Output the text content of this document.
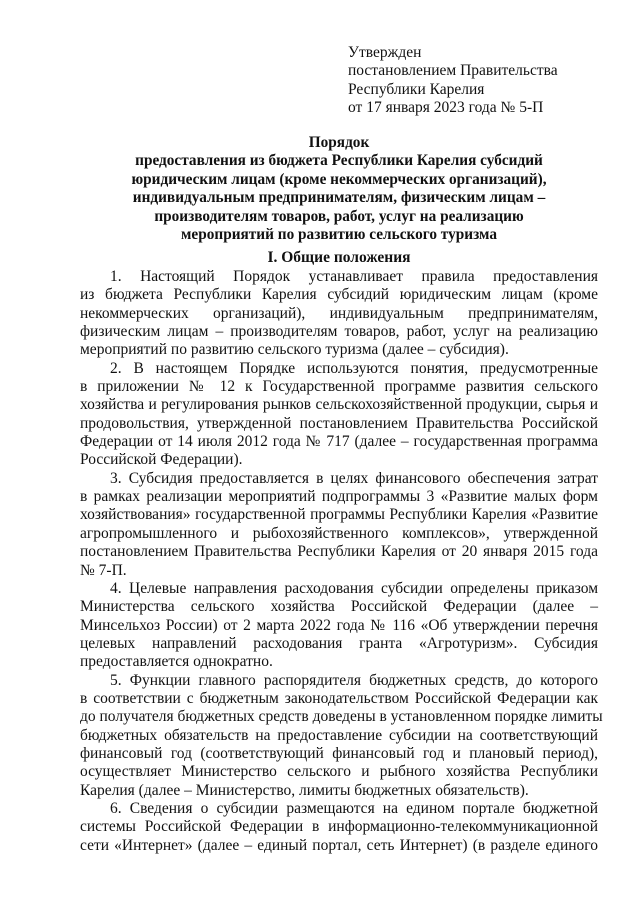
Утвержден
постановлением Правительства
Республики Карелия
от 17 января 2023 года № 5-П
Порядок
предоставления из бюджета Республики Карелия субсидий
юридическим лицам (кроме некоммерческих организаций),
индивидуальным предпринимателям, физическим лицам –
производителям товаров, работ, услуг на реализацию
мероприятий по развитию сельского туризма
I. Общие положения
1. Настоящий Порядок устанавливает правила предоставления
из бюджета Республики Карелия субсидий юридическим лицам (кроме
некоммерческих организаций), индивидуальным предпринимателям,
физическим лицам – производителям товаров, работ, услуг на реализацию
мероприятий по развитию сельского туризма (далее – субсидия).
2. В настоящем Порядке используются понятия, предусмотренные
в приложении № 12 к Государственной программе развития сельского
хозяйства и регулирования рынков сельскохозяйственной продукции, сырья и
продовольствия, утвержденной постановлением Правительства Российской
Федерации от 14 июля 2012 года № 717 (далее – государственная программа
Российской Федерации).
3. Субсидия предоставляется в целях финансового обеспечения затрат
в рамках реализации мероприятий подпрограммы 3 «Развитие малых форм
хозяйствования» государственной программы Республики Карелия «Развитие
агропромышленного и рыбохозяйственного комплексов», утвержденной
постановлением Правительства Республики Карелия от 20 января 2015 года
№ 7-П.
4. Целевые направления расходования субсидии определены приказом
Министерства сельского хозяйства Российской Федерации (далее –
Минсельхоз России) от 2 марта 2022 года № 116 «Об утверждении перечня
целевых направлений расходования гранта «Агротуризм». Субсидия
предоставляется однократно.
5. Функции главного распорядителя бюджетных средств, до которого
в соответствии с бюджетным законодательством Российской Федерации как
до получателя бюджетных средств доведены в установленном порядке лимиты
бюджетных обязательств на предоставление субсидии на соответствующий
финансовый год (соответствующий финансовый год и плановый период),
осуществляет Министерство сельского и рыбного хозяйства Республики
Карелия (далее – Министерство, лимиты бюджетных обязательств).
6. Сведения о субсидии размещаются на едином портале бюджетной
системы Российской Федерации в информационно-телекоммуникационной
сети «Интернет» (далее – единый портал, сеть Интернет) (в разделе единого
